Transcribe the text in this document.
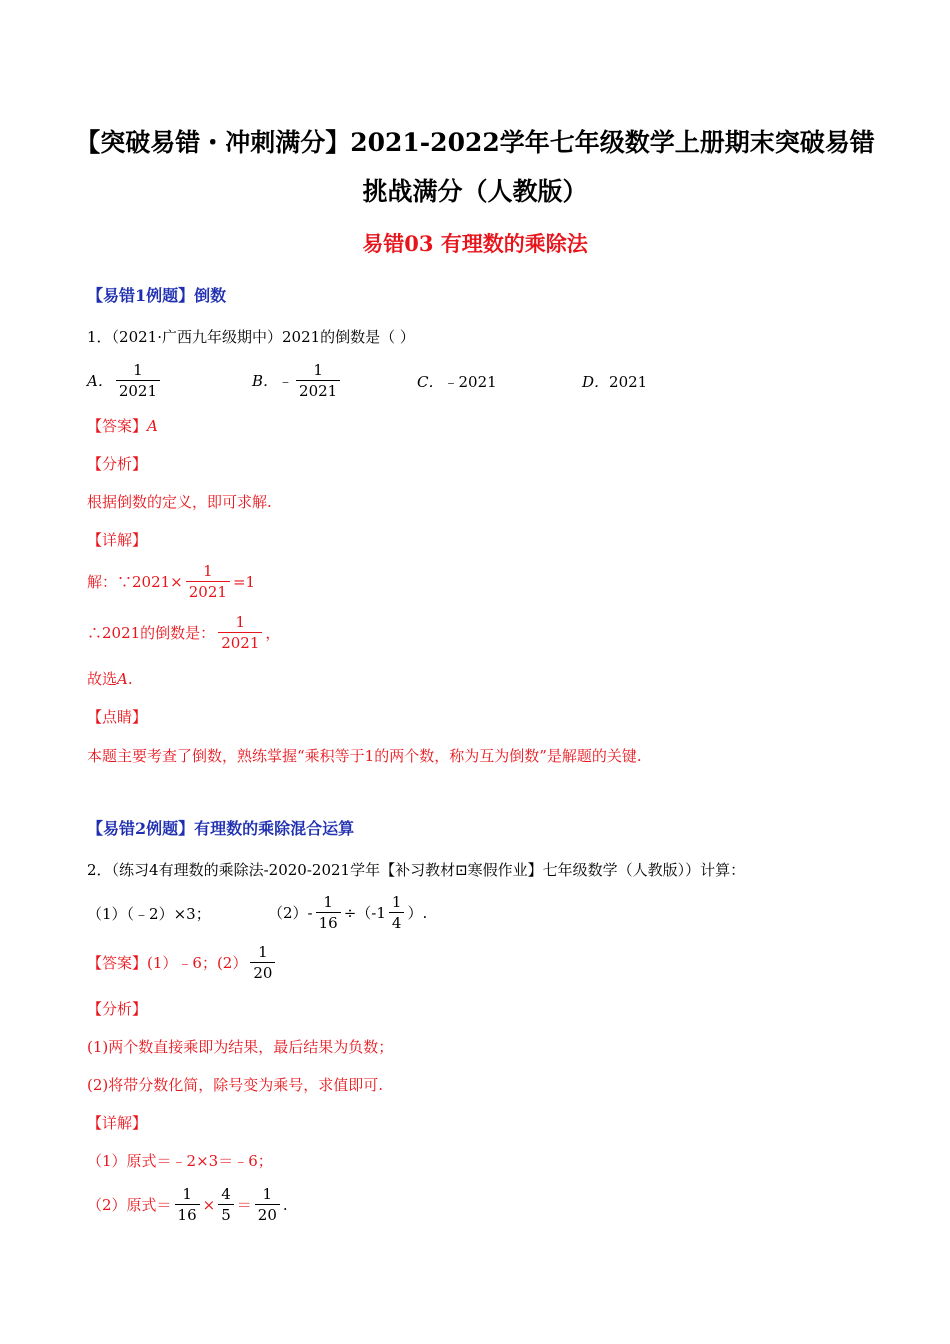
【突破易错・冲刺满分】2021-2022学年七年级数学上册期末突破易错
挑战满分（人教版）
易错03 有理数的乘除法
【易错1例题】倒数
1．（2021·广西九年级期中）2021的倒数是（ ）
A． $\frac{1}{2021}$	B． ﹣ $\frac{1}{2021}$	C．﹣2021	D．2021
【答案】A
【分析】
根据倒数的定义，即可求解.
【详解】
解：∵2021× $\frac{1}{2021} =1$
∴2021的倒数是： $\frac{1}{2021}$ ，
故选A.
【点睛】
本题主要考查了倒数，熟练掌握“乘积等于1的两个数，称为互为倒数”是解题的关键.
【易错2例题】有理数的乘除混合运算
2．（练习4有理数的乘除法-2020-2021学年【补习教材⊡寒假作业】七年级数学（人教版））计算：
（1）（﹣2）×3；	$(2)- \frac{1}{16} \div(-1 \frac{1}{4}$ ）.
【答案】 (1）﹣6；$(2) \frac{1}{20}$
【分析】
(1)两个数直接乘即为结果，最后结果为负数；
(2)将带分数化简，除号变为乘号，求值即可.
【详解】
（1）原式＝﹣2×3＝﹣6；
（2）原式＝ $\frac{1}{16} \times \frac{4}{5} = \frac{1}{20}$ .
